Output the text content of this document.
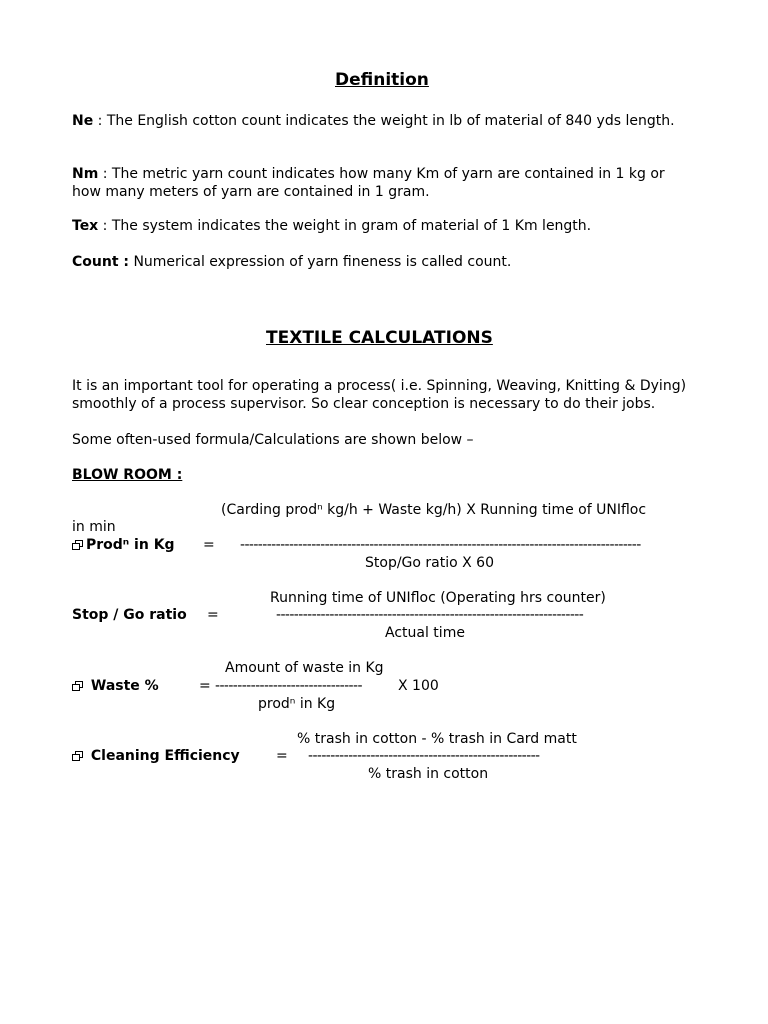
Definition
Ne : The English cotton count indicates the weight in lb of material of 840 yds length.
Nm : The metric yarn count indicates how many Km of yarn are contained in 1 kg or how many meters of yarn are contained in 1 gram.
Tex : The system indicates the weight in gram of material of 1 Km length.
Count : Numerical expression of yarn fineness is called count.
TEXTILE CALCULATIONS
It is an important tool for operating a process( i.e. Spinning, Weaving, Knitting & Dying) smoothly of a process supervisor. So clear conception is necessary to do their jobs.
Some often-used formula/Calculations are shown below –
BLOW ROOM :
(Carding prodⁿ kg/h + Waste kg/h) X Running time of UNIfloc
in min
Prodⁿ in Kg = ------------------------------------------------------------------------------------------
Stop/Go ratio X 60
Running time of UNIfloc (Operating hrs counter)
Stop / Go ratio =	---------------------------------------------------------------------
Actual time
Amount of waste in Kg
Waste %	= ---------------------------------	X 100
prodⁿ in Kg
% trash in cotton - % trash in Card matt
Cleaning Efficiency	= ----------------------------------------------------
% trash in cotton
